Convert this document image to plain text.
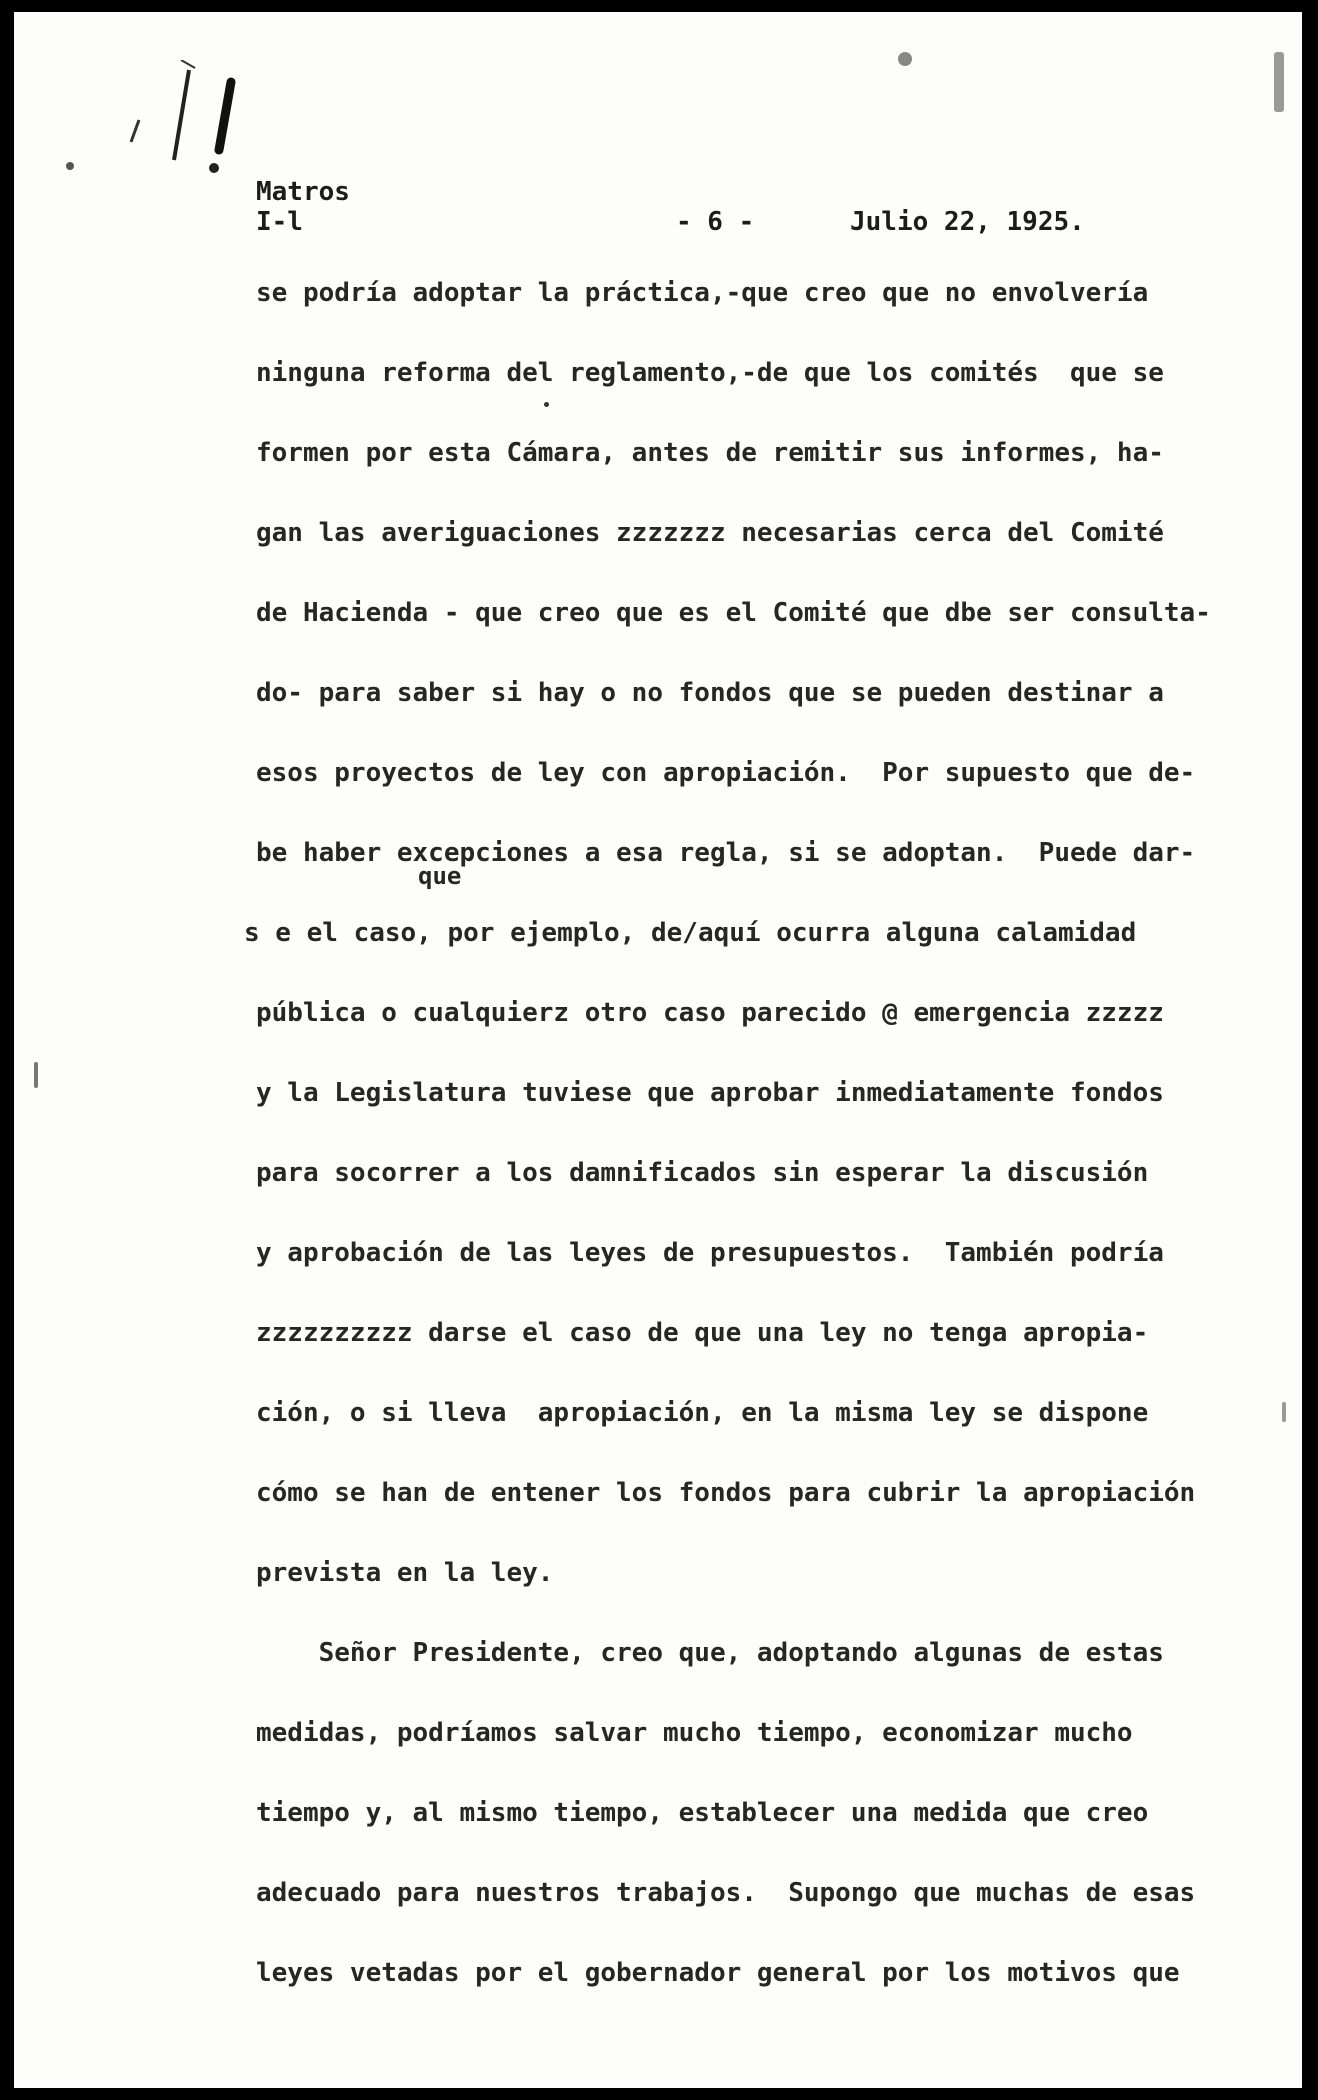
Matros
I-l	- 6 -	Julio 22, 1925.
que
se podría adoptar la práctica,-que creo que no envolvería
ninguna reforma del reglamento,-de que los comités  que se
formen por esta Cámara, antes de remitir sus informes, ha-
gan las averiguaciones zzzzzzz necesarias cerca del Comité
de Hacienda - que creo que es el Comité que dbe ser consulta-
do- para saber si hay o no fondos que se pueden destinar a
esos proyectos de ley con apropiación.  Por supuesto que de-
be haber excepciones a esa regla, si se adoptan.  Puede dar-
s e el caso, por ejemplo, de/aquí ocurra alguna calamidad
pública o cualquierz otro caso parecido @ emergencia zzzzz
y la Legislatura tuviese que aprobar inmediatamente fondos
para socorrer a los damnificados sin esperar la discusión
y aprobación de las leyes de presupuestos.  También podría
zzzzzzzzzz darse el caso de que una ley no tenga apropia-
ción, o si lleva  apropiación, en la misma ley se dispone
cómo se han de entener los fondos para cubrir la apropiación
prevista en la ley.
Señor Presidente, creo que, adoptando algunas de estas
medidas, podríamos salvar mucho tiempo, economizar mucho
tiempo y, al mismo tiempo, establecer una medida que creo
adecuado para nuestros trabajos.  Supongo que muchas de esas
leyes vetadas por el gobernador general por los motivos que
